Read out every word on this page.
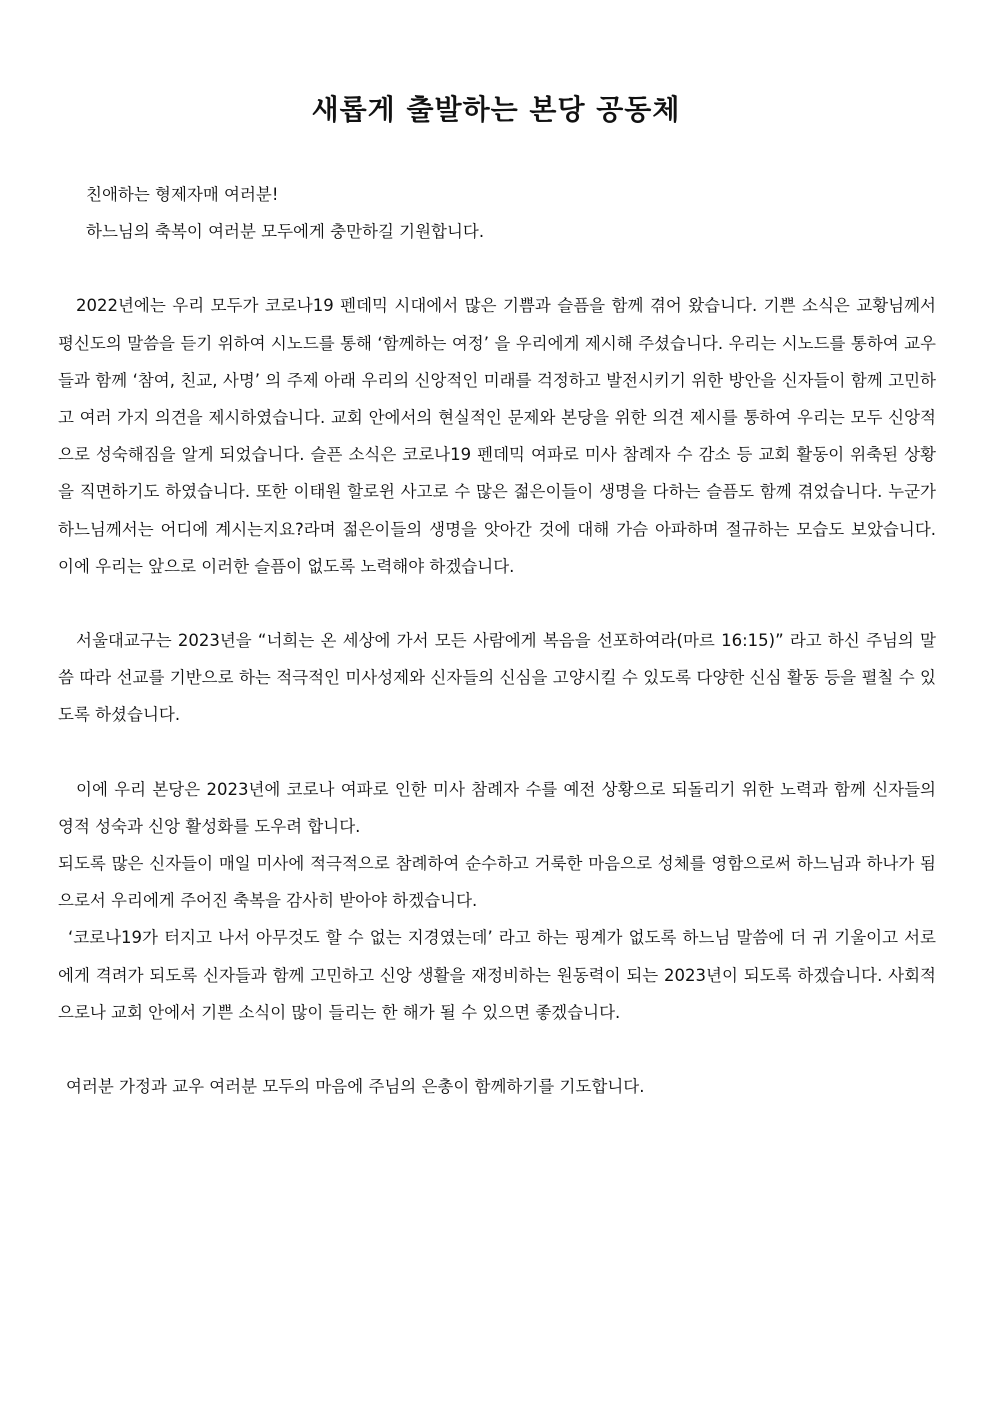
새롭게 출발하는 본당 공동체

친애하는 형제자매 여러분!

하느님의 축복이 여러분 모두에게 충만하길 기원합니다.

2022년에는 우리 모두가 코로나19 펜데믹 시대에서 많은 기쁨과 슬픔을 함께 겪어 왔습니다. 기쁜 소식은 교황님께서 평신도의 말씀을 듣기 위하여 시노드를 통해 ‘함께하는 여정’ 을 우리에게 제시해 주셨습니다. 우리는 시노드를 통하여 교우들과 함께 ‘참여, 친교, 사명’ 의 주제 아래 우리의 신앙적인 미래를 걱정하고 발전시키기 위한 방안을 신자들이 함께 고민하고 여러 가지 의견을 제시하였습니다. 교회 안에서의 현실적인 문제와 본당을 위한 의견 제시를 통하여 우리는 모두 신앙적으로 성숙해짐을 알게 되었습니다. 슬픈 소식은 코로나19 펜데믹 여파로 미사 참례자 수 감소 등 교회 활동이 위축된 상황을 직면하기도 하였습니다. 또한 이태원 할로윈 사고로 수 많은 젊은이들이 생명을 다하는 슬픔도 함께 겪었습니다. 누군가 하느님께서는 어디에 계시는지요?라며 젊은이들의 생명을 앗아간 것에 대해 가슴 아파하며 절규하는 모습도 보았습니다. 이에 우리는 앞으로 이러한 슬픔이 없도록 노력해야 하겠습니다.

서울대교구는 2023년을 “너희는 온 세상에 가서 모든 사람에게 복음을 선포하여라(마르 16:15)” 라고 하신 주님의 말씀 따라 선교를 기반으로 하는 적극적인 미사성제와 신자들의 신심을 고양시킬 수 있도록 다양한 신심 활동 등을 펼칠 수 있도록 하셨습니다.

이에 우리 본당은 2023년에 코로나 여파로 인한 미사 참례자 수를 예전 상황으로 되돌리기 위한 노력과 함께 신자들의 영적 성숙과 신앙 활성화를 도우려 합니다.

되도록 많은 신자들이 매일 미사에 적극적으로 참례하여 순수하고 거룩한 마음으로 성체를 영함으로써 하느님과 하나가 됨으로서 우리에게 주어진 축복을 감사히 받아야 하겠습니다.

‘코로나19가 터지고 나서 아무것도 할 수 없는 지경였는데’ 라고 하는 핑계가 없도록 하느님 말씀에 더 귀 기울이고 서로에게 격려가 되도록 신자들과 함께 고민하고 신앙 생활을 재정비하는 원동력이 되는 2023년이 되도록 하겠습니다. 사회적으로나 교회 안에서 기쁜 소식이 많이 들리는 한 해가 될 수 있으면 좋겠습니다.

여러분 가정과 교우 여러분 모두의 마음에 주님의 은총이 함께하기를 기도합니다.
